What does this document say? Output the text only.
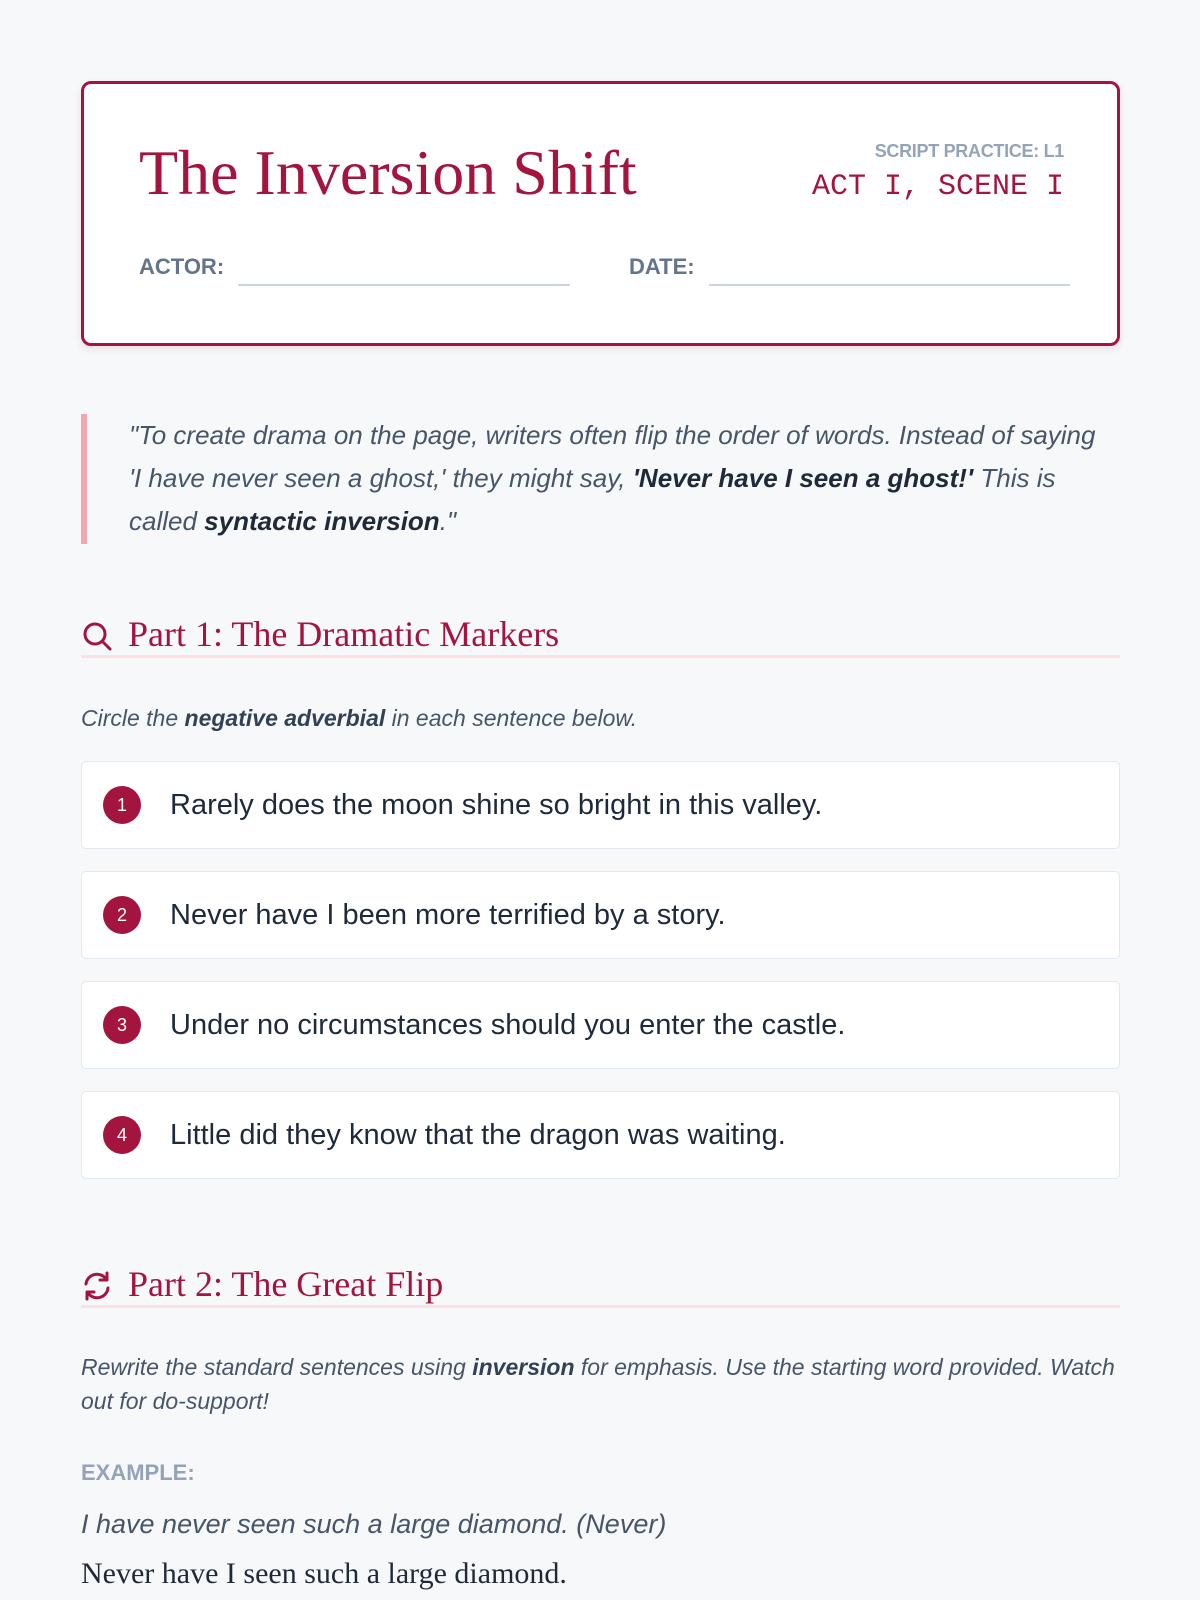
The Inversion Shift	SCRIPT PRACTICE: L1
ACT I, SCENE I
ACTOR:	DATE:
"To create drama on the page, writers often flip the order of words. Instead of saying 'I have never seen a ghost,' they might say, 'Never have I seen a ghost!' This is called syntactic inversion."
Part 1: The Dramatic Markers
Circle the negative adverbial in each sentence below.
1	Rarely does the moon shine so bright in this valley.
2	Never have I been more terrified by a story.
3	Under no circumstances should you enter the castle.
4	Little did they know that the dragon was waiting.
Part 2: The Great Flip
Rewrite the standard sentences using inversion for emphasis. Use the starting word provided. Watch out for do-support!
EXAMPLE:
I have never seen such a large diamond. (Never)
Never have I seen such a large diamond.
